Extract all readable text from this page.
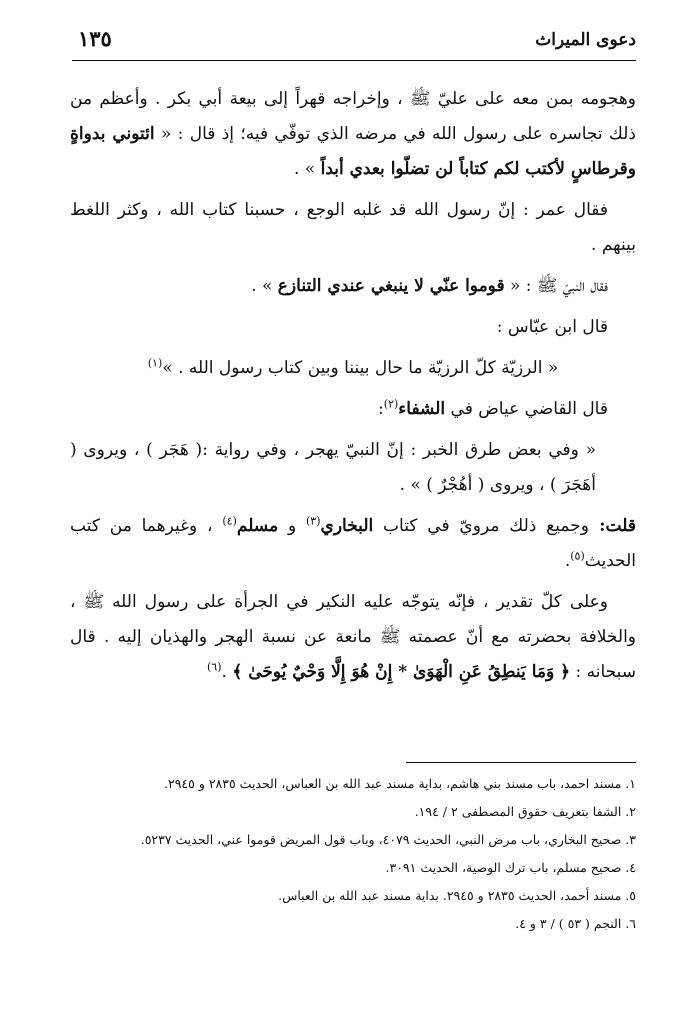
دعوى الميراث
١٣٥

وهجومه بمن معه على عليّ ﷺ ، وإخراجه قهراً إلى بيعة أبي بكر . وأعظم من ذلك تجاسره على رسول الله في مرضه الذي توفّي فيه؛ إذ قال : « ائتوني بدواةٍ وقرطاسٍ لأكتب لكم كتاباً لن تضلّوا بعدي أبداً » .

فقال عمر : إنّ رسول الله قد غلبه الوجع ، حسبنا كتاب الله ، وكثر اللغط بينهم .

فقال النبيّ ﷺ : « قوموا عنّي لا ينبغي عندي التنازع » .

قال ابن عبّاس :

« الرزيّة كلّ الرزيّة ما حال بيننا وبين كتاب رسول الله . »$^{(١)}$

قال القاضي عياض في الشفاء$^{(٢)}$:

« وفي بعض طرق الخبر : إنّ النبيّ يهجر ، وفي رواية :( هَجَر ) ، ويروى ( أهَجَرَ ) ، ويروى ( أهُجْرٌ ) » .

قلت: وجميع ذلك مرويّ في كتاب البخاري$^{(٣)}$ و مسلم$^{(٤)}$ ، وغيرهما من كتب الحديث$^{(٥)}$.

وعلى كلّ تقدير ، فإنّه يتوجّه عليه النكير في الجرأة على رسول الله ﷺ ، والخلافة بحضرته مع أنّ عصمته ﷺ مانعة عن نسبة الهجر والهذيان إليه . قال سبحانه : ﴿ وَمَا يَنطِقُ عَنِ الْهَوَىٰ * إِنْ هُوَ إِلَّا وَحْيٌ يُوحَىٰ ﴾ .$^{(٦)}$

١. مسند احمد، باب مسند بني هاشم، بداية مسند عبد الله بن العباس، الحديث ٢٨٣٥ و ٢٩٤٥.
٢. الشفا بتعريف حقوق المصطفى ٢ / ١٩٤.
٣. صحيح البخاري، باب مرض النبي، الحديث ٤٠٧٩، وباب قول المريض قوموا عني، الحديث ٥٢٣٧.
٤. صحيح مسلم، باب ترك الوصية، الحديث ٣٠٩١.
٥. مسند أحمد، الحديث ٢٨٣٥ و ٢٩٤٥. بداية مسند عبد الله بن العباس.
٦. النجم ( ٥٣ ) / ٣ و ٤.
